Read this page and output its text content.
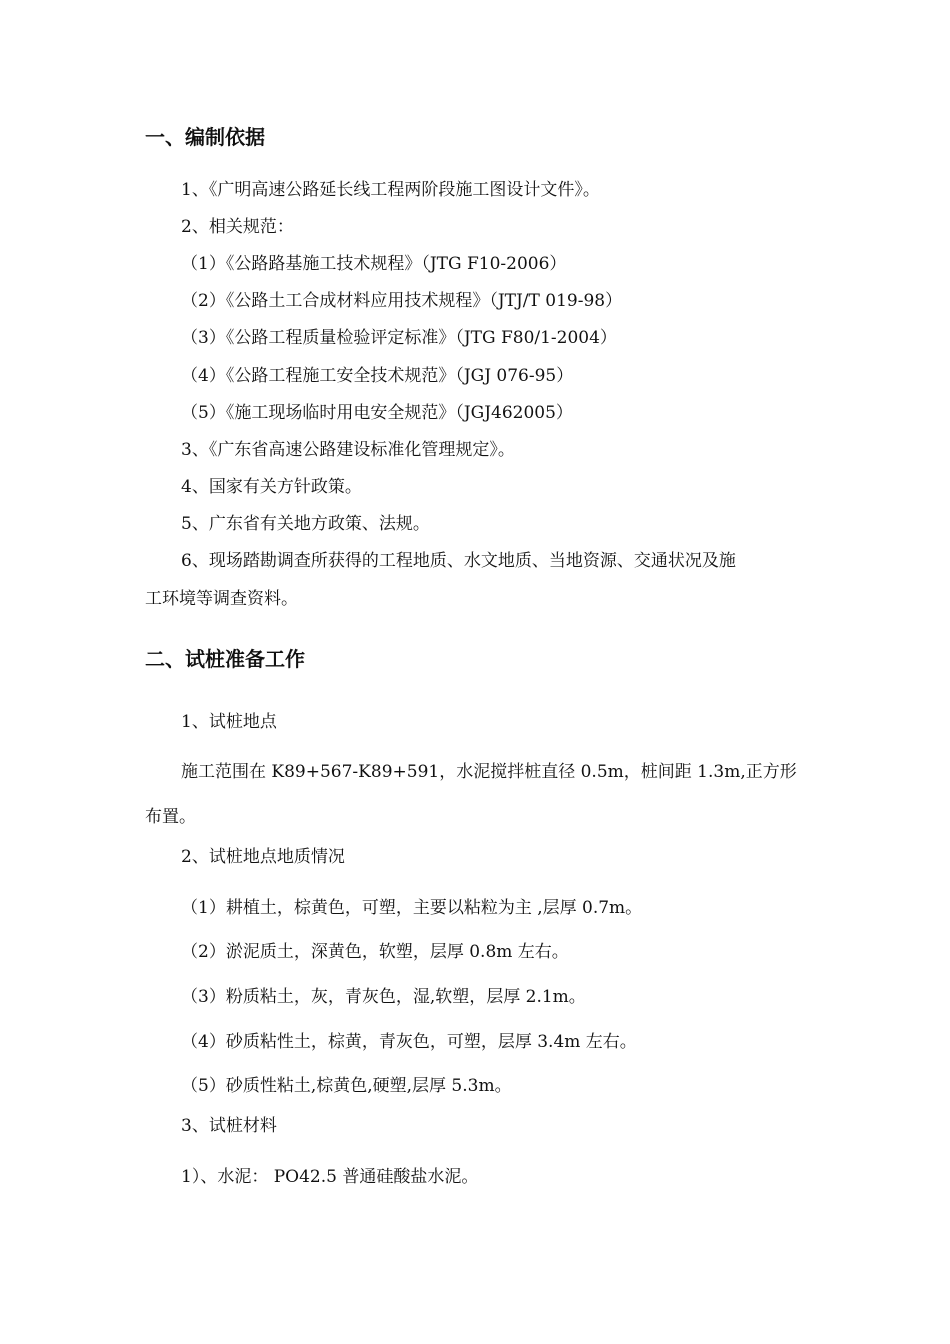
一、编制依据
1、《广明高速公路延长线工程两阶段施工图设计文件》。
2、相关规范：
（1）《公路路基施工技术规程》（JTG F10-2006）
（2）《公路土工合成材料应用技术规程》（JTJ/T 019-98）
（3）《公路工程质量检验评定标准》（JTG F80/1-2004）
（4）《公路工程施工安全技术规范》（JGJ 076-95）
（5）《施工现场临时用电安全规范》（JGJ462005）
3、《广东省高速公路建设标准化管理规定》。
4、国家有关方针政策。
5、广东省有关地方政策、法规。
6、现场踏勘调查所获得的工程地质、水文地质、当地资源、交通状况及施
工环境等调查资料。
二、试桩准备工作
1、试桩地点
施工范围在 K89+567-K89+591，水泥搅拌桩直径 0.5m，桩间距 1.3m,正方形
布置。
2、试桩地点地质情况
（1）耕植土，棕黄色，可塑，主要以粘粒为主 ,层厚 0.7m。
（2）淤泥质土，深黄色，软塑，层厚 0.8m 左右。
（3）粉质粘土，灰，青灰色，湿,软塑，层厚 2.1m。
（4）砂质粘性土，棕黄，青灰色，可塑，层厚 3.4m 左右。
（5）砂质性粘土,棕黄色,硬塑,层厚 5.3m。
3、试桩材料
1）、水泥： PO42.5 普通硅酸盐水泥。
